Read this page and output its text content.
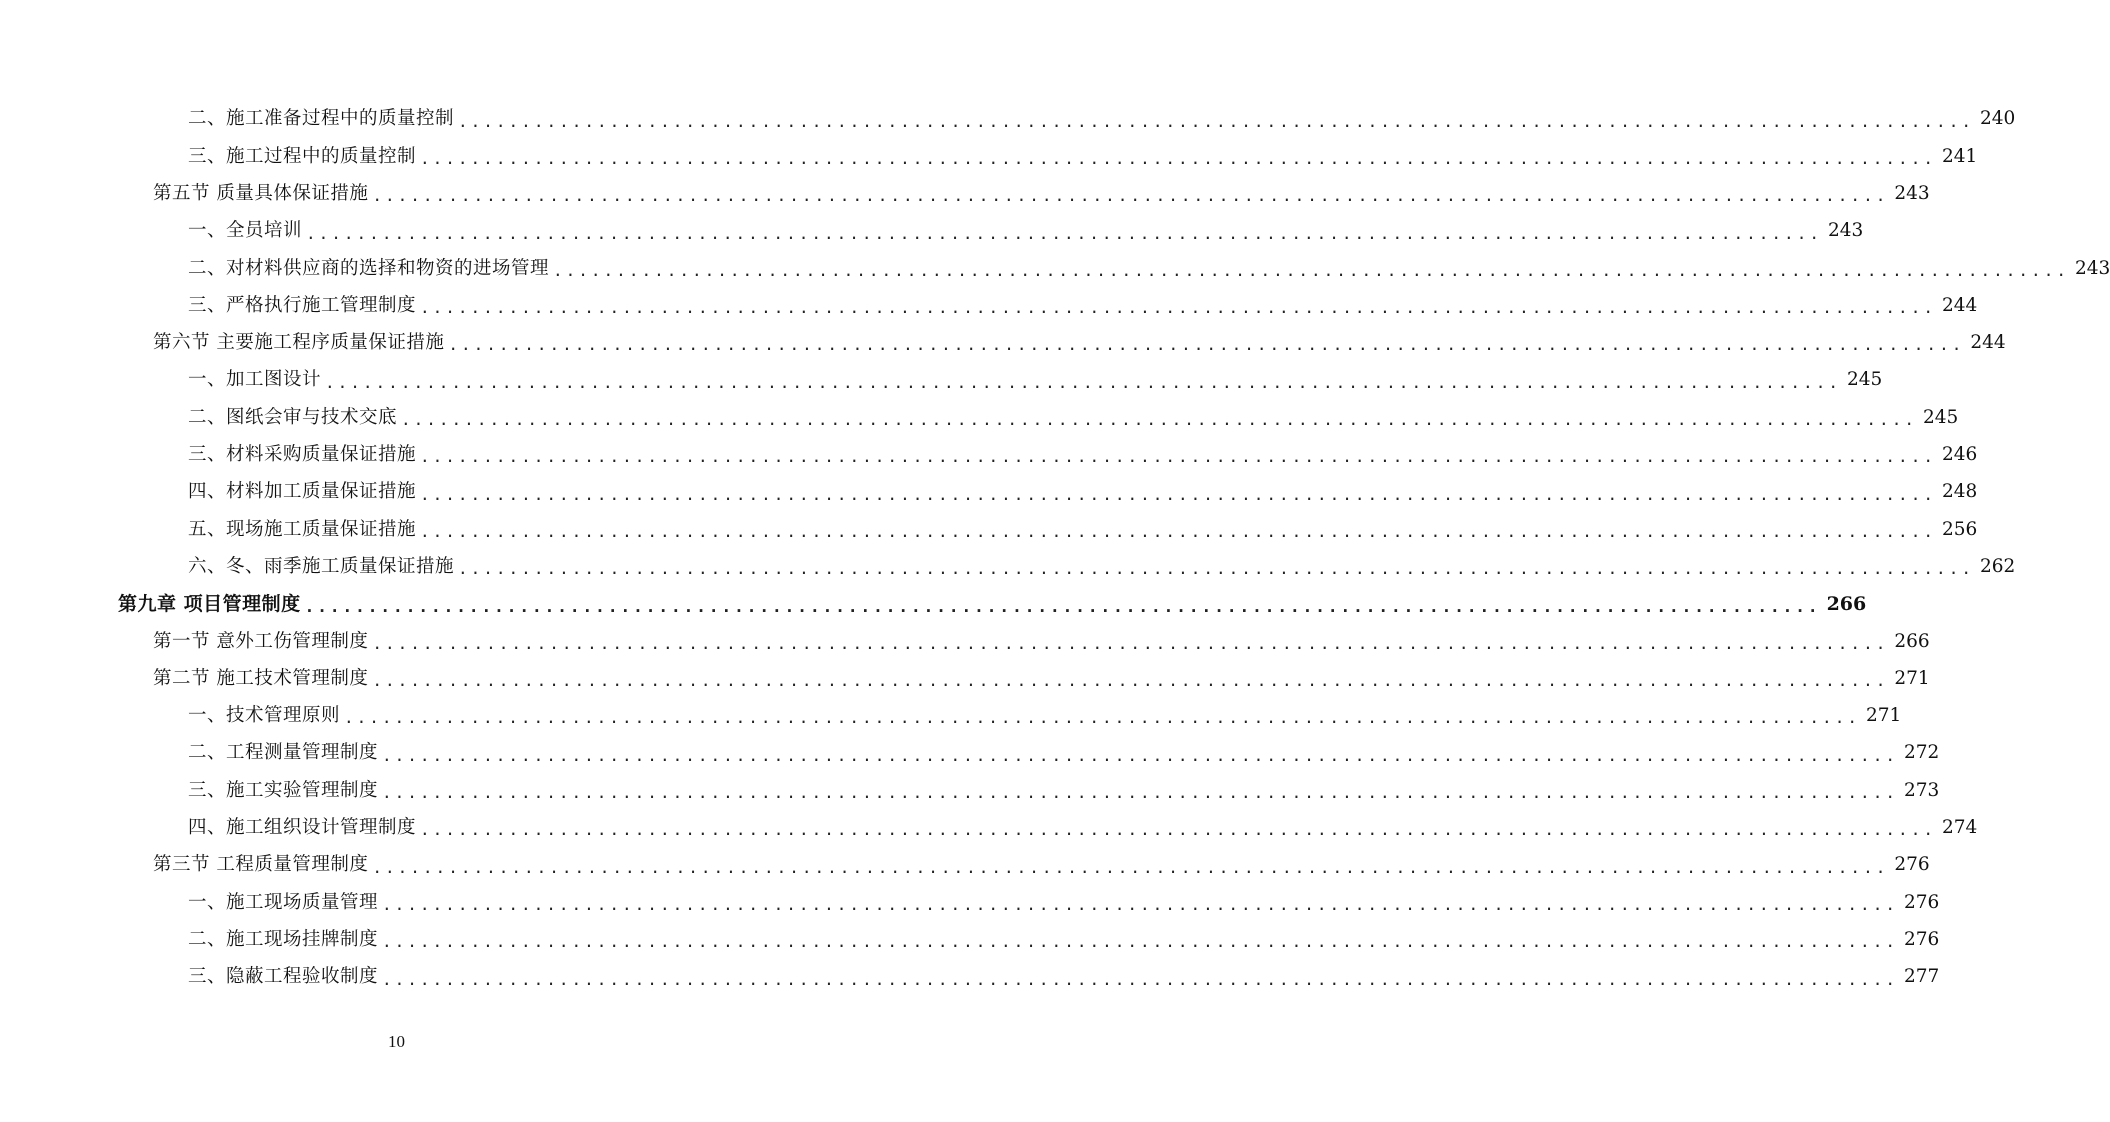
二、施工准备过程中的质量控制 ........................................................................................................................ 240
三、施工过程中的质量控制 ........................................................................................................................ 241
第五节 质量具体保证措施 ........................................................................................................................ 243
一、全员培训 ........................................................................................................................ 243
二、对材料供应商的选择和物资的进场管理 ........................................................................................................................ 243
三、严格执行施工管理制度 ........................................................................................................................ 244
第六节 主要施工程序质量保证措施 ........................................................................................................................ 244
一、加工图设计 ........................................................................................................................ 245
二、图纸会审与技术交底 ........................................................................................................................ 245
三、材料采购质量保证措施 ........................................................................................................................ 246
四、材料加工质量保证措施 ........................................................................................................................ 248
五、现场施工质量保证措施 ........................................................................................................................ 256
六、冬、雨季施工质量保证措施 ........................................................................................................................ 262
第九章 项目管理制度 ........................................................................................................................ 266
第一节 意外工伤管理制度 ........................................................................................................................ 266
第二节 施工技术管理制度 ........................................................................................................................ 271
一、技术管理原则 ........................................................................................................................ 271
二、工程测量管理制度 ........................................................................................................................ 272
三、施工实验管理制度 ........................................................................................................................ 273
四、施工组织设计管理制度 ........................................................................................................................ 274
第三节 工程质量管理制度 ........................................................................................................................ 276
一、施工现场质量管理 ........................................................................................................................ 276
二、施工现场挂牌制度 ........................................................................................................................ 276
三、隐蔽工程验收制度 ........................................................................................................................ 277
10
